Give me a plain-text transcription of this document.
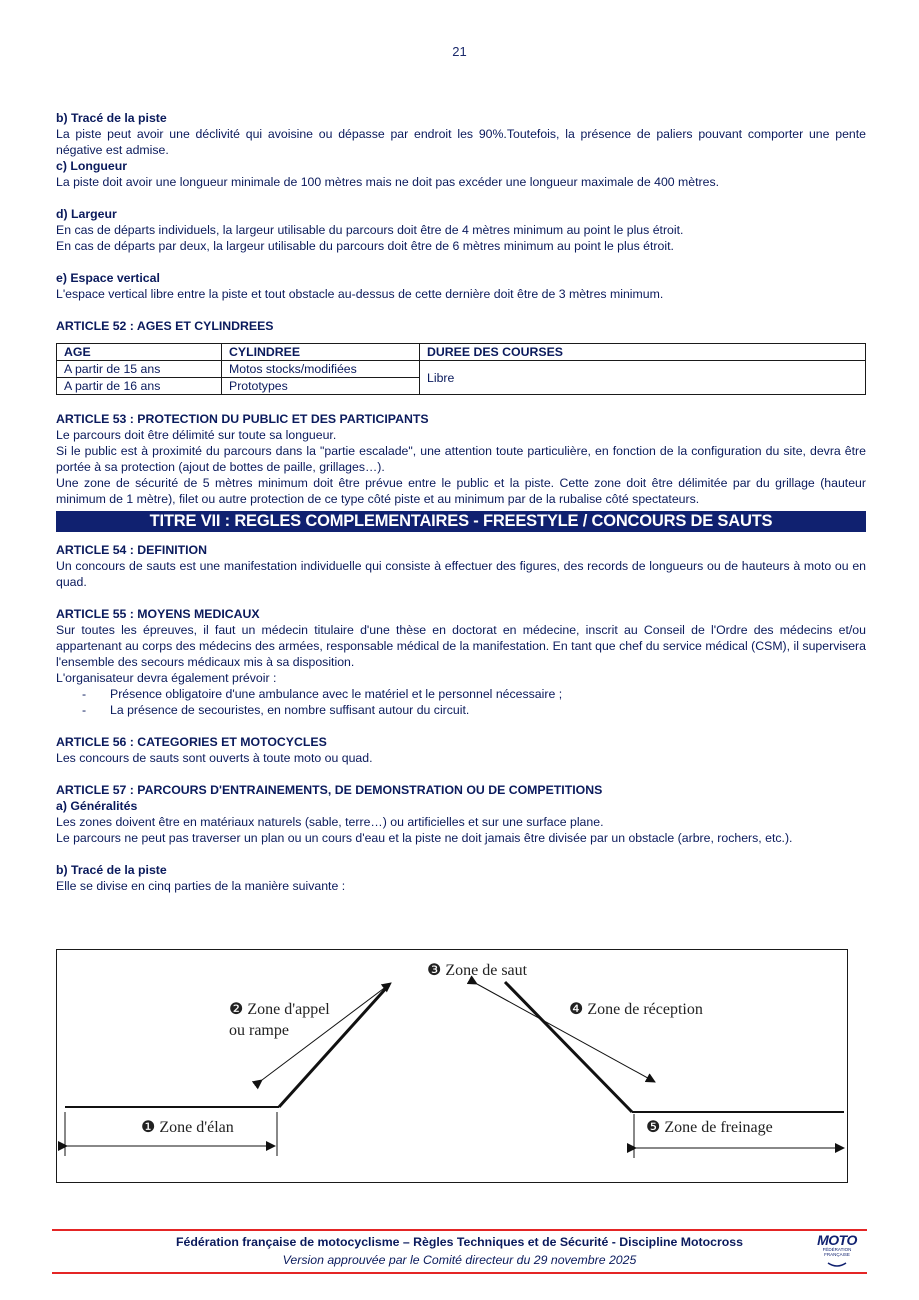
21

b) Tracé de la piste

La piste peut avoir une déclivité qui avoisine ou dépasse par endroit les 90%.Toutefois, la présence de paliers pouvant comporter une pente négative est admise.

c) Longueur

La piste doit avoir une longueur minimale de 100 mètres mais ne doit pas excéder une longueur maximale de 400 mètres.

d) Largeur

En cas de départs individuels, la largeur utilisable du parcours doit être de 4 mètres minimum au point le plus étroit.

En cas de départs par deux, la largeur utilisable du parcours doit être de 6 mètres minimum au point le plus étroit.

e) Espace vertical

L'espace vertical libre entre la piste et tout obstacle au-dessus de cette dernière doit être de 3 mètres minimum.

ARTICLE 52 : AGES ET CYLINDREES

AGE	CYLINDREE	DUREE DES COURSES
A partir de 15 ans	Motos stocks/modifiées	Libre
A partir de 16 ans	Prototypes	

ARTICLE 53 : PROTECTION DU PUBLIC ET DES PARTICIPANTS

Le parcours doit être délimité sur toute sa longueur.

Si le public est à proximité du parcours dans la "partie escalade", une attention toute particulière, en fonction de la configuration du site, devra être portée à sa protection (ajout de bottes de paille, grillages…).

Une zone de sécurité de 5 mètres minimum doit être prévue entre le public et la piste. Cette zone doit être délimitée par du grillage (hauteur minimum de 1 mètre), filet ou autre protection de ce type côté piste et au minimum par de la rubalise côté spectateurs.

TITRE VII : REGLES COMPLEMENTAIRES - FREESTYLE / CONCOURS DE SAUTS

ARTICLE 54 : DEFINITION

Un concours de sauts est une manifestation individuelle qui consiste à effectuer des figures, des records de longueurs ou de hauteurs à moto ou en quad.

ARTICLE 55 : MOYENS MEDICAUX

Sur toutes les épreuves, il faut un médecin titulaire d'une thèse en doctorat en médecine, inscrit au Conseil de l'Ordre des médecins et/ou appartenant au corps des médecins des armées, responsable médical de la manifestation. En tant que chef du service médical (CSM), il supervisera l'ensemble des secours médicaux mis à sa disposition.

L'organisateur devra également prévoir :

- Présence obligatoire d'une ambulance avec le matériel et le personnel nécessaire ;
- La présence de secouristes, en nombre suffisant autour du circuit.

ARTICLE 56 : CATEGORIES ET MOTOCYCLES

Les concours de sauts sont ouverts à toute moto ou quad.

ARTICLE 57 : PARCOURS D'ENTRAINEMENTS, DE DEMONSTRATION OU DE COMPETITIONS

a) Généralités

Les zones doivent être en matériaux naturels (sable, terre…) ou artificielles et sur une surface plane.

Le parcours ne peut pas traverser un plan ou un cours d'eau et la piste ne doit jamais être divisée par un obstacle (arbre, rochers, etc.).

b) Tracé de la piste

Elle se divise en cinq parties de la manière suivante :

❶ Zone d'élan
❷ Zone d'appel
ou rampe
❸ Zone de saut
❹ Zone de réception
❺ Zone de freinage
Fédération française de motocyclisme – Règles Techniques et de Sécurité - Discipline Motocross
Version approuvée par le Comité directeur du 29 novembre 2025
MOTO
FÉDÉRATION FRANÇAISE
